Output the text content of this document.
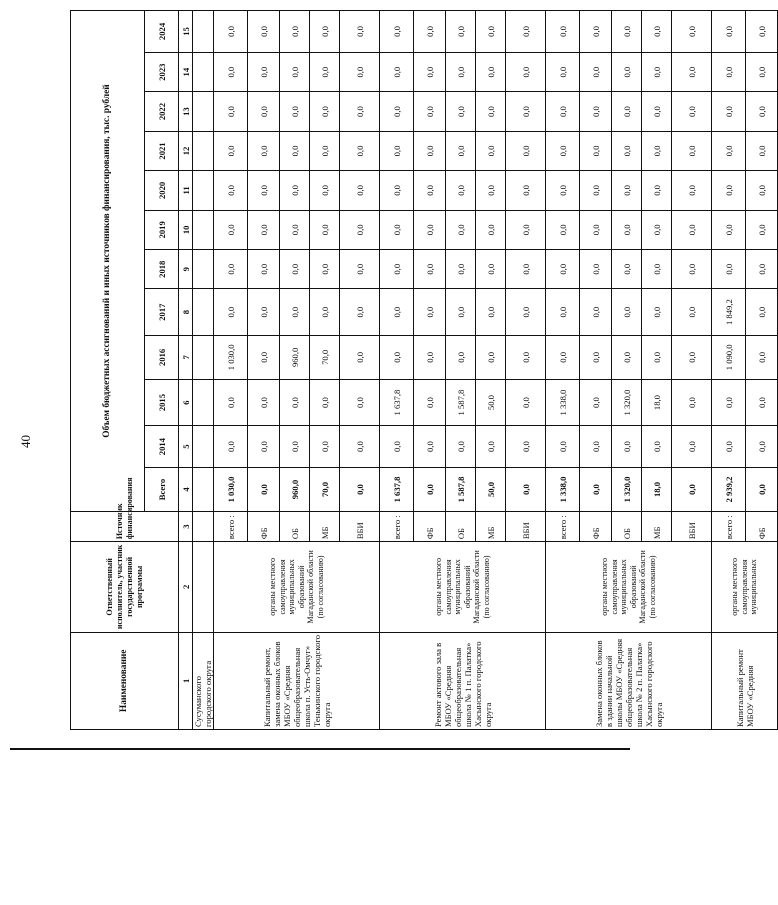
40
Наименование	Ответственный исполнитель, участник государственной программы	Источник финансирования	Объем бюджетных ассигнований и иных источников финансирования, тыс. рублей											
			Всего	2014	2015	2016	2017	2018	2019	2020	2021	2022	2023	2024
1	2	3	4	5	6	7	8	9	10	11	12	13	14	15
Сусуманского городского округа														
Капитальный ремонт, замена оконных блоков МБОУ «Средняя общеобразовательная школа п. Усть-Омчуг» Тенькинского городского округа	органы местного самоуправления муниципальных образований Магаданской области (по согласованию)	всего :	1 030,0	0,0	0,0	1 030,0	0,0	0,0	0,0	0,0	0,0	0,0	0,0	0,0
		ФБ	0,0	0,0	0,0	0,0	0,0	0,0	0,0	0,0	0,0	0,0	0,0	0,0
		ОБ	960,0	0,0	0,0	960,0	0,0	0,0	0,0	0,0	0,0	0,0	0,0	0,0
		МБ	70,0	0,0	0,0	70,0	0,0	0,0	0,0	0,0	0,0	0,0	0,0	0,0
		ВБИ	0,0	0,0	0,0	0,0	0,0	0,0	0,0	0,0	0,0	0,0	0,0	0,0
Ремонт актового зала в МБОУ «Средняя общеобразовательная школа № 1 п. Палатка» Хасынского городского округа	органы местного самоуправления муниципальных образований Магаданской области (по согласованию)	всего :	1 637,8	0,0	1 637,8	0,0	0,0	0,0	0,0	0,0	0,0	0,0	0,0	0,0
		ФБ	0,0	0,0	0,0	0,0	0,0	0,0	0,0	0,0	0,0	0,0	0,0	0,0
		ОБ	1 587,8	0,0	1 587,8	0,0	0,0	0,0	0,0	0,0	0,0	0,0	0,0	0,0
		МБ	50,0	0,0	50,0	0,0	0,0	0,0	0,0	0,0	0,0	0,0	0,0	0,0
		ВБИ	0,0	0,0	0,0	0,0	0,0	0,0	0,0	0,0	0,0	0,0	0,0	0,0
Замена оконных блоков в здании начальной школы МБОУ «Средняя общеобразовательная школа № 2 п. Палатка» Хасынского городского округа	органы местного самоуправления муниципальных образований Магаданской области (по согласованию)	всего :	1 338,0	0,0	1 338,0	0,0	0,0	0,0	0,0	0,0	0,0	0,0	0,0	0,0
		ФБ	0,0	0,0	0,0	0,0	0,0	0,0	0,0	0,0	0,0	0,0	0,0	0,0
		ОБ	1 320,0	0,0	1 320,0	0,0	0,0	0,0	0,0	0,0	0,0	0,0	0,0	0,0
		МБ	18,0	0,0	18,0	0,0	0,0	0,0	0,0	0,0	0,0	0,0	0,0	0,0
		ВБИ	0,0	0,0	0,0	0,0	0,0	0,0	0,0	0,0	0,0	0,0	0,0	0,0
Капитальный ремонт МБОУ «Средняя	органы местного самоуправления муниципальных	всего :	2 939,2	0,0	0,0	1 090,0	1 849,2	0,0	0,0	0,0	0,0	0,0	0,0	0,0
		ФБ	0,0	0,0	0,0	0,0	0,0	0,0	0,0	0,0	0,0	0,0	0,0	0,0
